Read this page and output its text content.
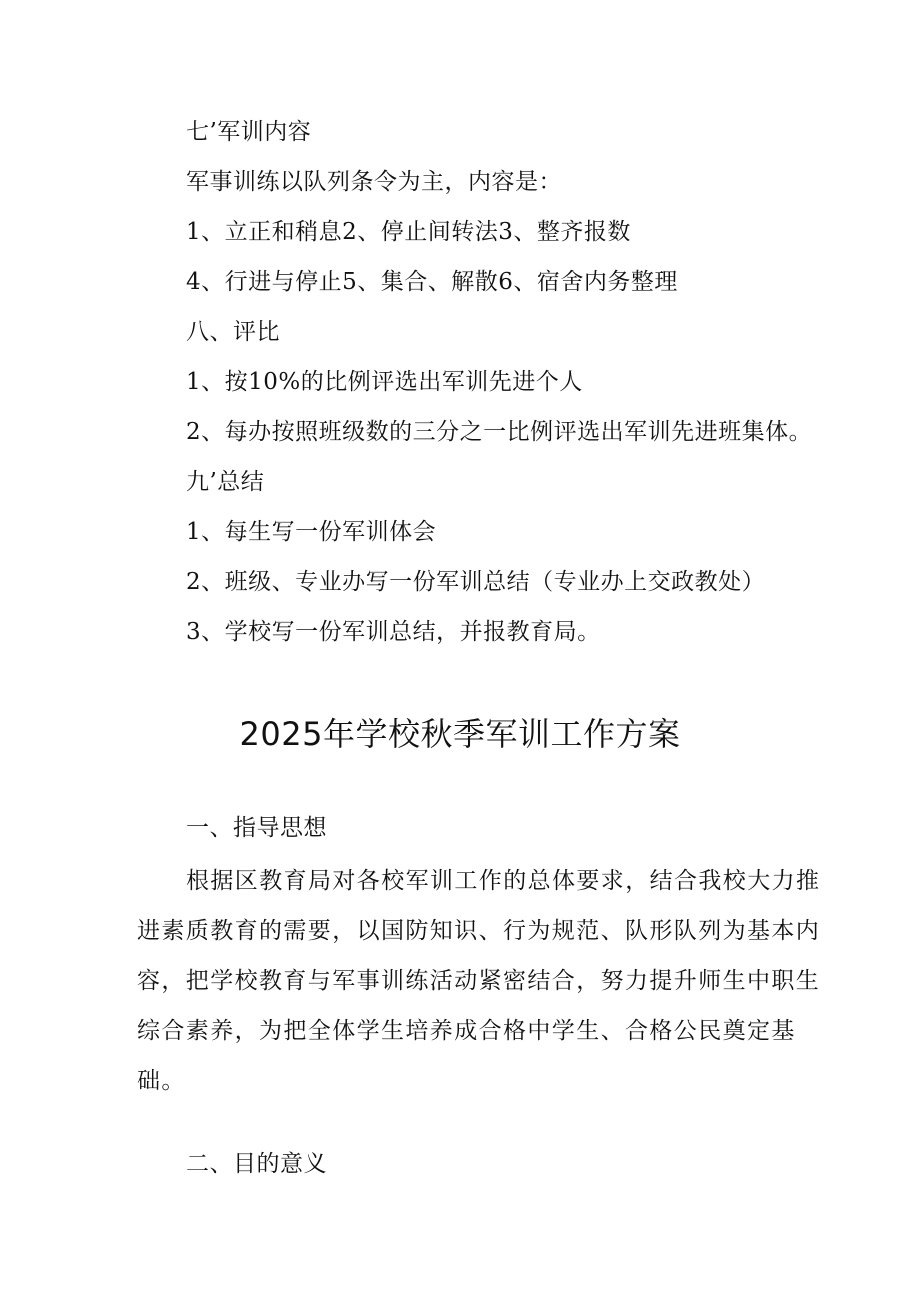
七’军训内容
军事训练以队列条令为主，内容是：
1、立正和稍息2、停止间转法3、整齐报数
4、行进与停止5、集合、解散6、宿舍内务整理
八、评比
1、按10%的比例评选出军训先进个人
2、每办按照班级数的三分之一比例评选出军训先进班集体。
九’总结
1、每生写一份军训体会
2、班级、专业办写一份军训总结（专业办上交政教处）
3、学校写一份军训总结，并报教育局。
2025年学校秋季军训工作方案
一、指导思想
根据区教育局对各校军训工作的总体要求，结合我校大力推
进素质教育的需要，以国防知识、行为规范、队形队列为基本内
容，把学校教育与军事训练活动紧密结合，努力提升师生中职生
综合素养，为把全体学生培养成合格中学生、合格公民奠定基
础。
二、目的意义
